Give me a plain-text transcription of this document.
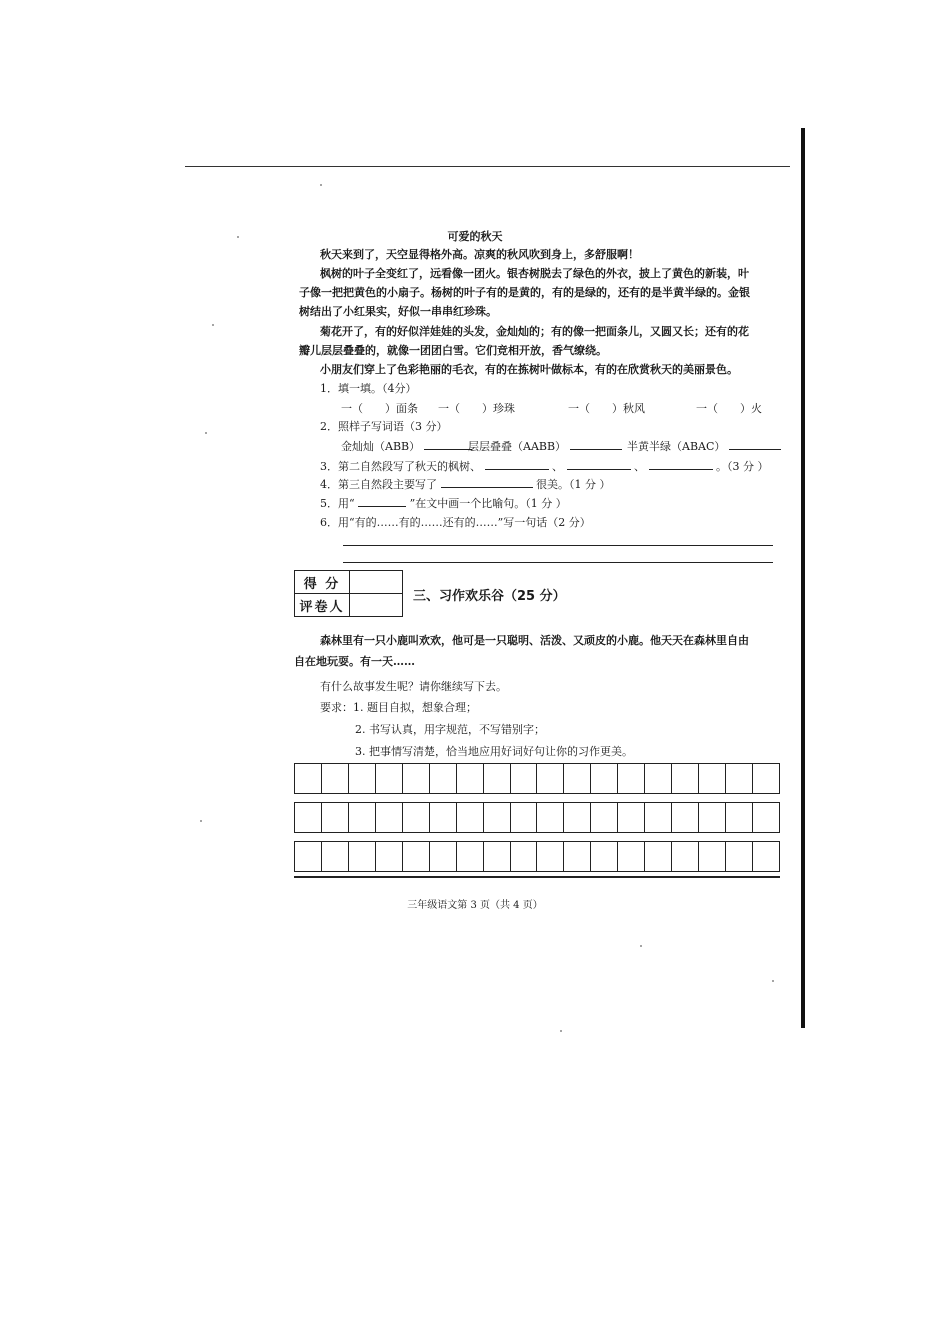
可爱的秋天
秋天来到了，天空显得格外高。凉爽的秋风吹到身上，多舒服啊！
枫树的叶子全变红了，远看像一团火。银杏树脱去了绿色的外衣，披上了黄色的新装，叶
子像一把把黄色的小扇子。杨树的叶子有的是黄的，有的是绿的，还有的是半黄半绿的。金银
树结出了小红果实，好似一串串红珍珠。
菊花开了，有的好似洋娃娃的头发，金灿灿的；有的像一把面条儿，又圆又长；还有的花
瓣儿层层叠叠的，就像一团团白雪。它们竞相开放，香气缭绕。
小朋友们穿上了色彩艳丽的毛衣，有的在拣树叶做标本，有的在欣赏秋天的美丽景色。
1．填一填。（4分）
一（　　）面条 一（　　）珍珠	一（　　）秋风	一（　　）火
2．照样子写词语（3 分）
金灿灿（ABB）	层层叠叠（AABB）	半黄半绿（ABAC）
3．第二自然段写了秋天的枫树、	、	、	。（3 分 ）
4．第三自然段主要写了	很美。（1 分 ）
5．用“	”在文中画一个比喻句。（1 分 ）
6．用“有的……有的……还有的……”写一句话（2 分）
得 分	
评卷人	
三、习作欢乐谷（25 分）
森林里有一只小鹿叫欢欢，他可是一只聪明、活泼、又顽皮的小鹿。他天天在森林里自由
自在地玩耍。有一天……
有什么故事发生呢？请你继续写下去。
要求：1. 题目自拟，想象合理；
2. 书写认真，用字规范，不写错别字；
3. 把事情写清楚，恰当地应用好词好句让你的习作更美。
三年级语文第 3 页（共 4 页）
